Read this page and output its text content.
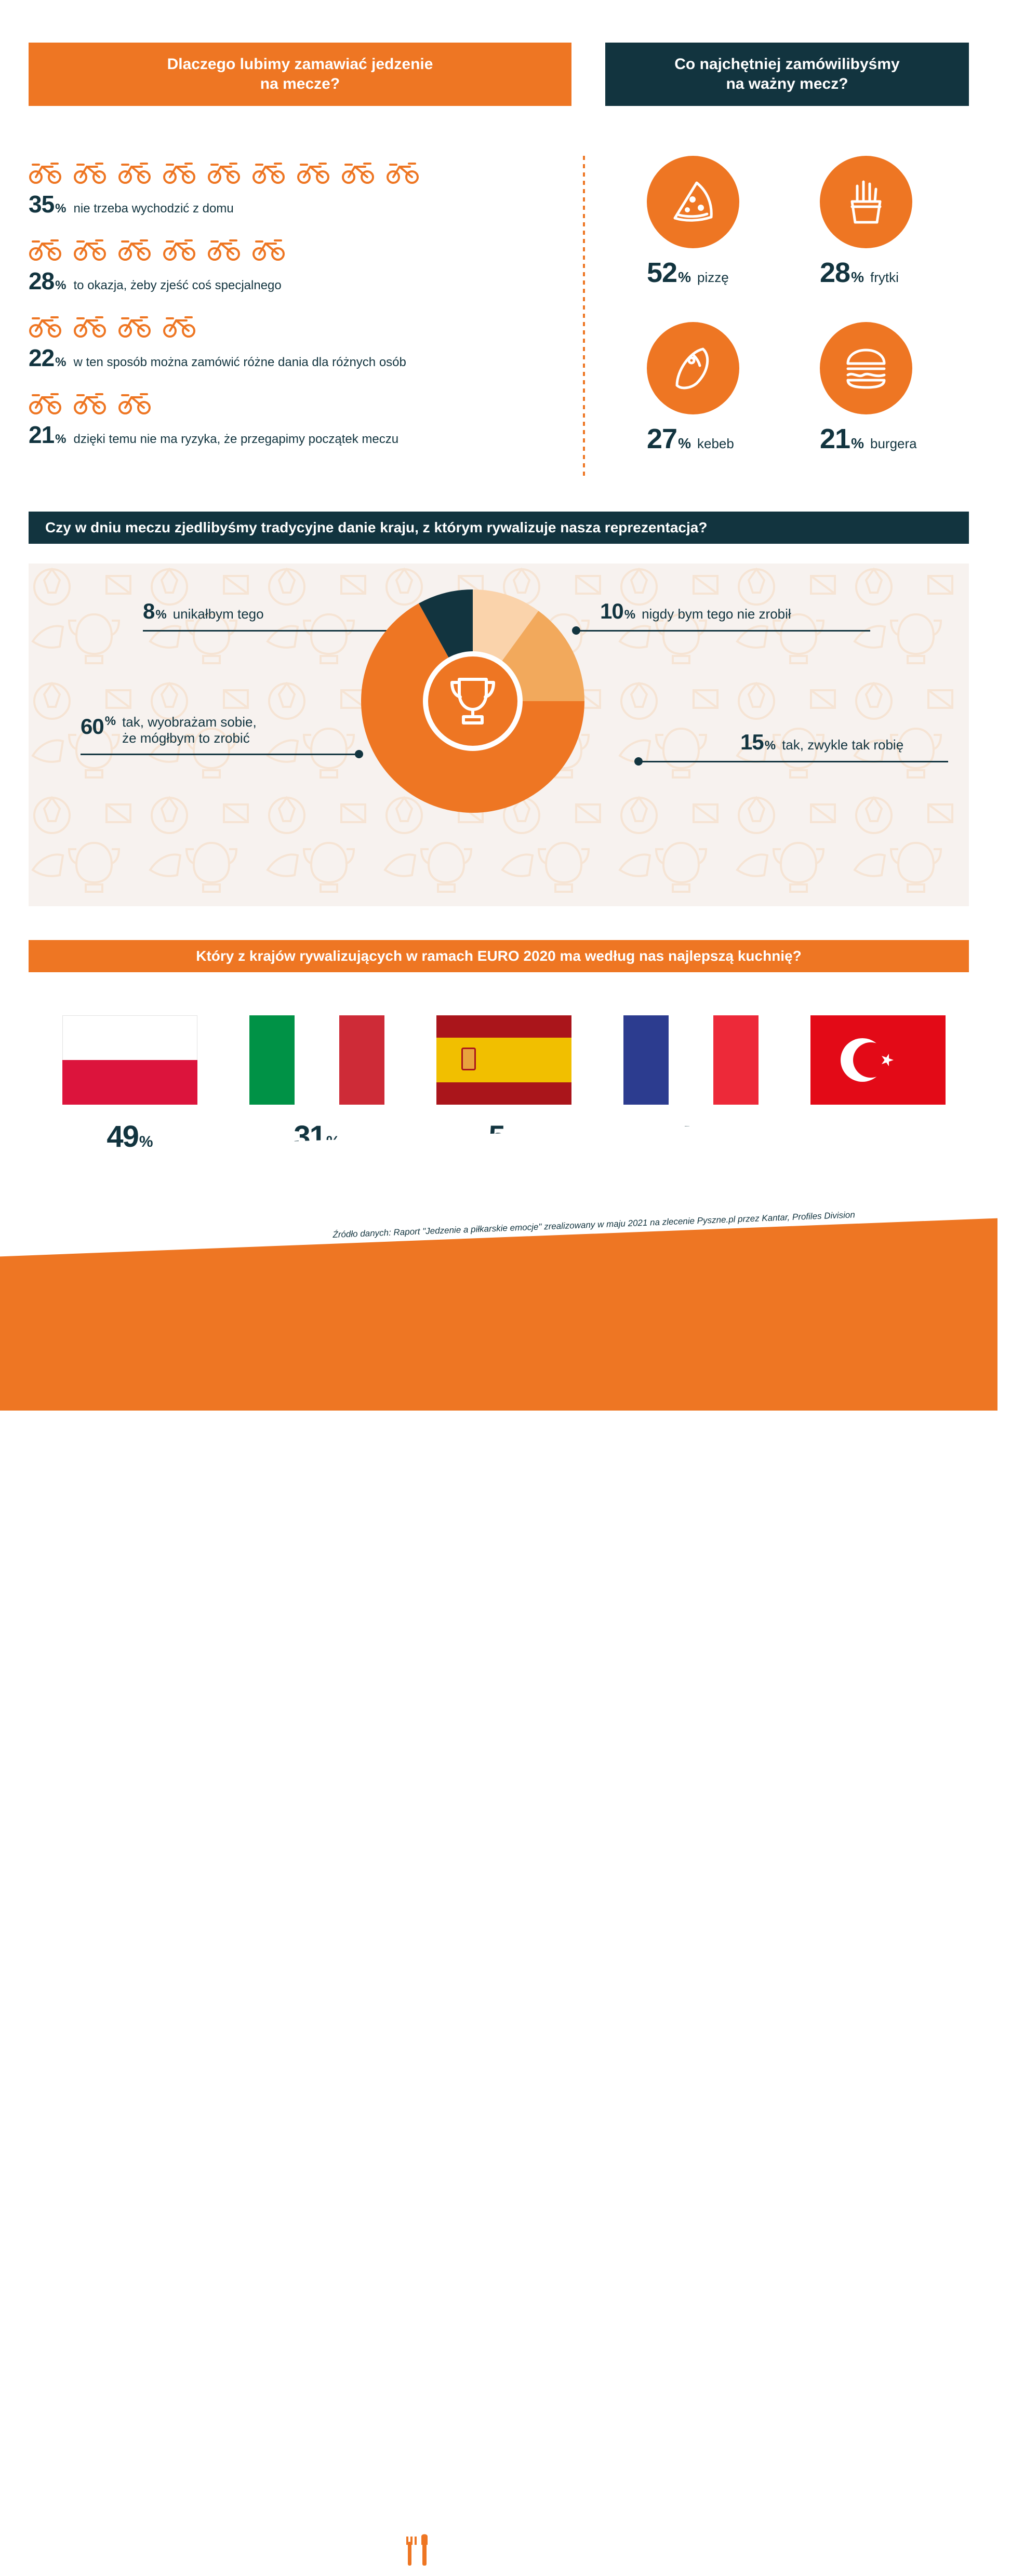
Dlaczego lubimy zamawiać jedzenie
na mecze?
Co najchętniej zamówilibyśmy
na ważny mecz?
35 % nie trzeba wychodzić z domu
28 % to okazja, żeby zjeść coś specjalnego
22 % w ten sposób można zamówić różne dania dla różnych osób
21 % dzięki temu nie ma ryzyka, że przegapimy początek meczu
52 % pizzę	28 % frytki
27 % kebeb	21 % burgera
Czy w dniu meczu zjedlibyśmy tradycyjne danie kraju, z którym rywalizuje nasza reprezentacja?
8 % unikałbym tego	10 % nigdy bym tego nie zrobił
60 % tak, wyobrażam sobie,
że mógłbym to zrobić	15 % tak, zwykle tak robię
Który z krajów rywalizujących w ramach EURO 2020 ma według nas najlepszą kuchnię?
49 %	31
Pyszne.pl
Źródło danych: Raport "Jedzenie a piłkarskie emocje" zrealizowany w maju 2021 na zlecenie Pyszne.pl przez Kantar, Profiles Division
